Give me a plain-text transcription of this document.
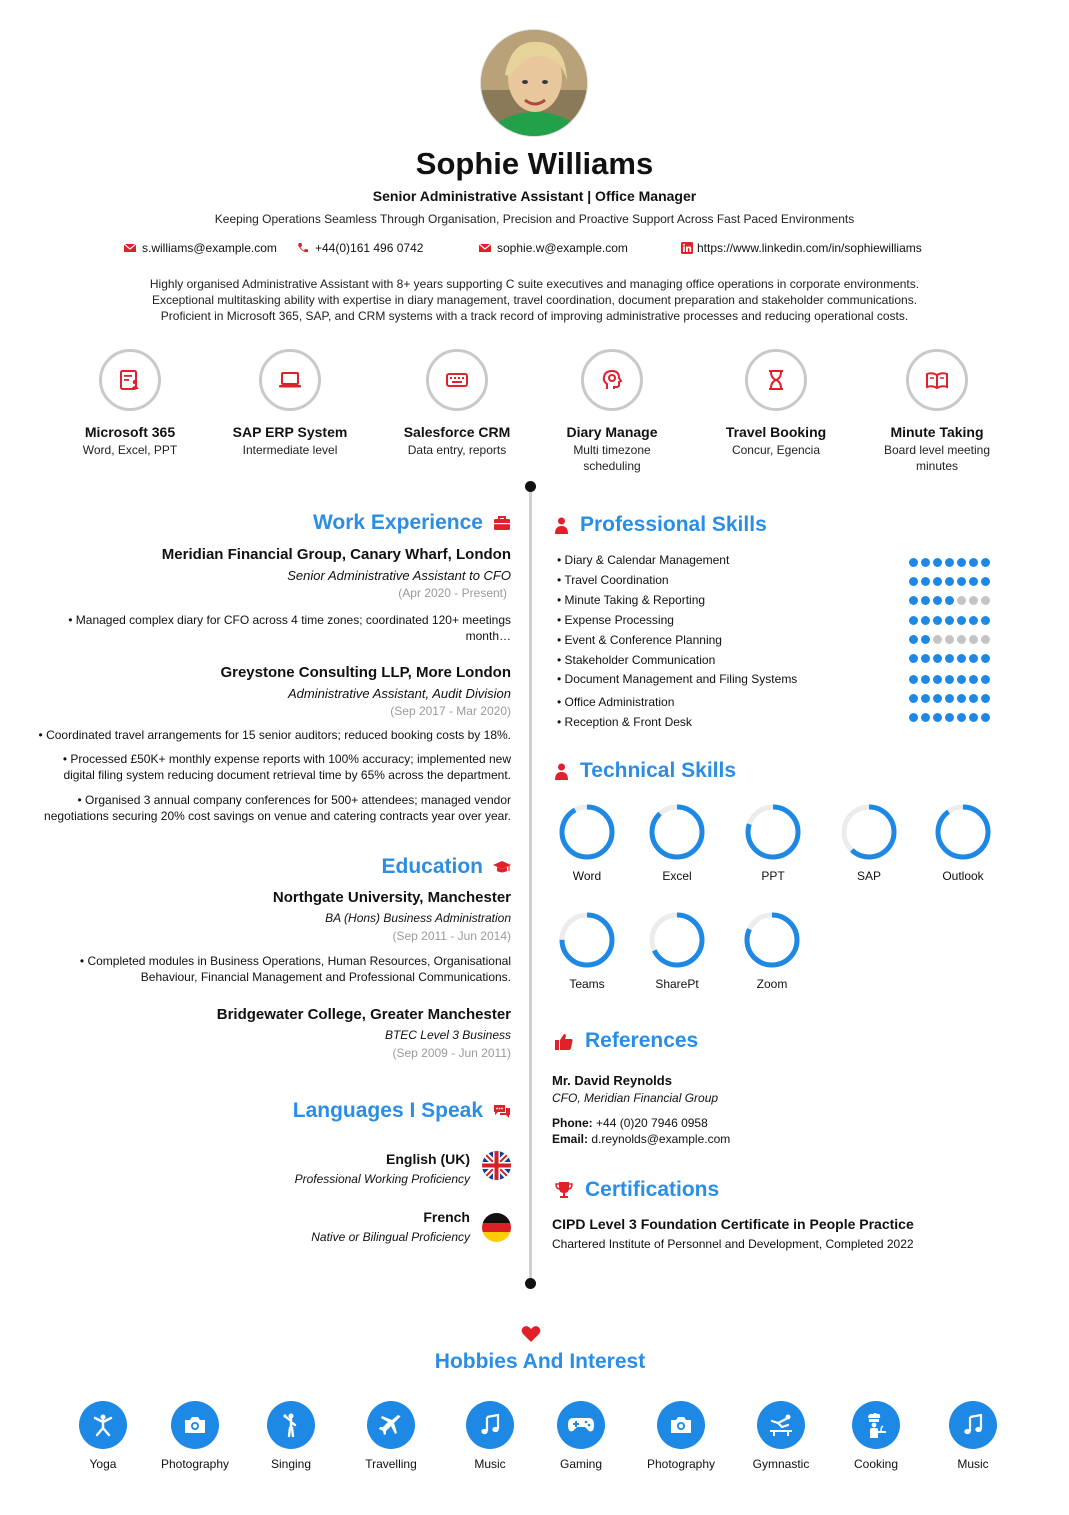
Sophie Williams
Senior Administrative Assistant | Office Manager
Keeping Operations Seamless Through Organisation, Precision and Proactive Support Across Fast Paced Environments
s.williams@example.com	+44(0)161 496 0742	sophie.w@example.com	https://www.linkedin.com/in/sophiewilliams
Highly organised Administrative Assistant with 8+ years supporting C suite executives and managing office operations in corporate environments.
Exceptional multitasking ability with expertise in diary management, travel coordination, document preparation and stakeholder communications.
Proficient in Microsoft 365, SAP, and CRM systems with a track record of improving administrative processes and reducing operational costs.
Microsoft 365
Word, Excel, PPT
SAP ERP System
Intermediate level
Salesforce CRM
Data entry, reports
Diary Manage
Multi timezone
scheduling
Travel Booking
Concur, Egencia
Minute Taking
Board level meeting
minutes
Work Experience
Meridian Financial Group, Canary Wharf, London
Senior Administrative Assistant to CFO
(Apr 2020 - Present)
• Managed complex diary for CFO across 4 time zones; coordinated 120+ meetings
month…
Greystone Consulting LLP, More London
Administrative Assistant, Audit Division
(Sep 2017 - Mar 2020)
• Coordinated travel arrangements for 15 senior auditors; reduced booking costs by 18%.
• Processed £50K+ monthly expense reports with 100% accuracy; implemented new
digital filing system reducing document retrieval time by 65% across the department.
• Organised 3 annual company conferences for 500+ attendees; managed vendor
negotiations securing 20% cost savings on venue and catering contracts year over year.
Education
Northgate University, Manchester
BA (Hons) Business Administration
(Sep 2011 - Jun 2014)
• Completed modules in Business Operations, Human Resources, Organisational
Behaviour, Financial Management and Professional Communications.
Bridgewater College, Greater Manchester
BTEC Level 3 Business
(Sep 2009 - Jun 2011)
Languages I Speak
English (UK)
Professional Working Proficiency
French
Native or Bilingual Proficiency
Professional Skills
• Diary & Calendar Management
• Travel Coordination
• Minute Taking & Reporting
• Expense Processing
• Event & Conference Planning
• Stakeholder Communication
• Document Management and Filing Systems
• Office Administration
• Reception & Front Desk
Technical Skills
Word	Excel	PPT	SAP	Outlook
Teams	SharePt	Zoom
References
Mr. David Reynolds
CFO, Meridian Financial Group
Phone: +44 (0)20 7946 0958
Email: d.reynolds@example.com
Certifications
CIPD Level 3 Foundation Certificate in People Practice
Chartered Institute of Personnel and Development, Completed 2022
Hobbies And Interest
Yoga	Photography	Singing	Travelling	Music	Gaming	Photography	Gymnastic	Cooking	Music
